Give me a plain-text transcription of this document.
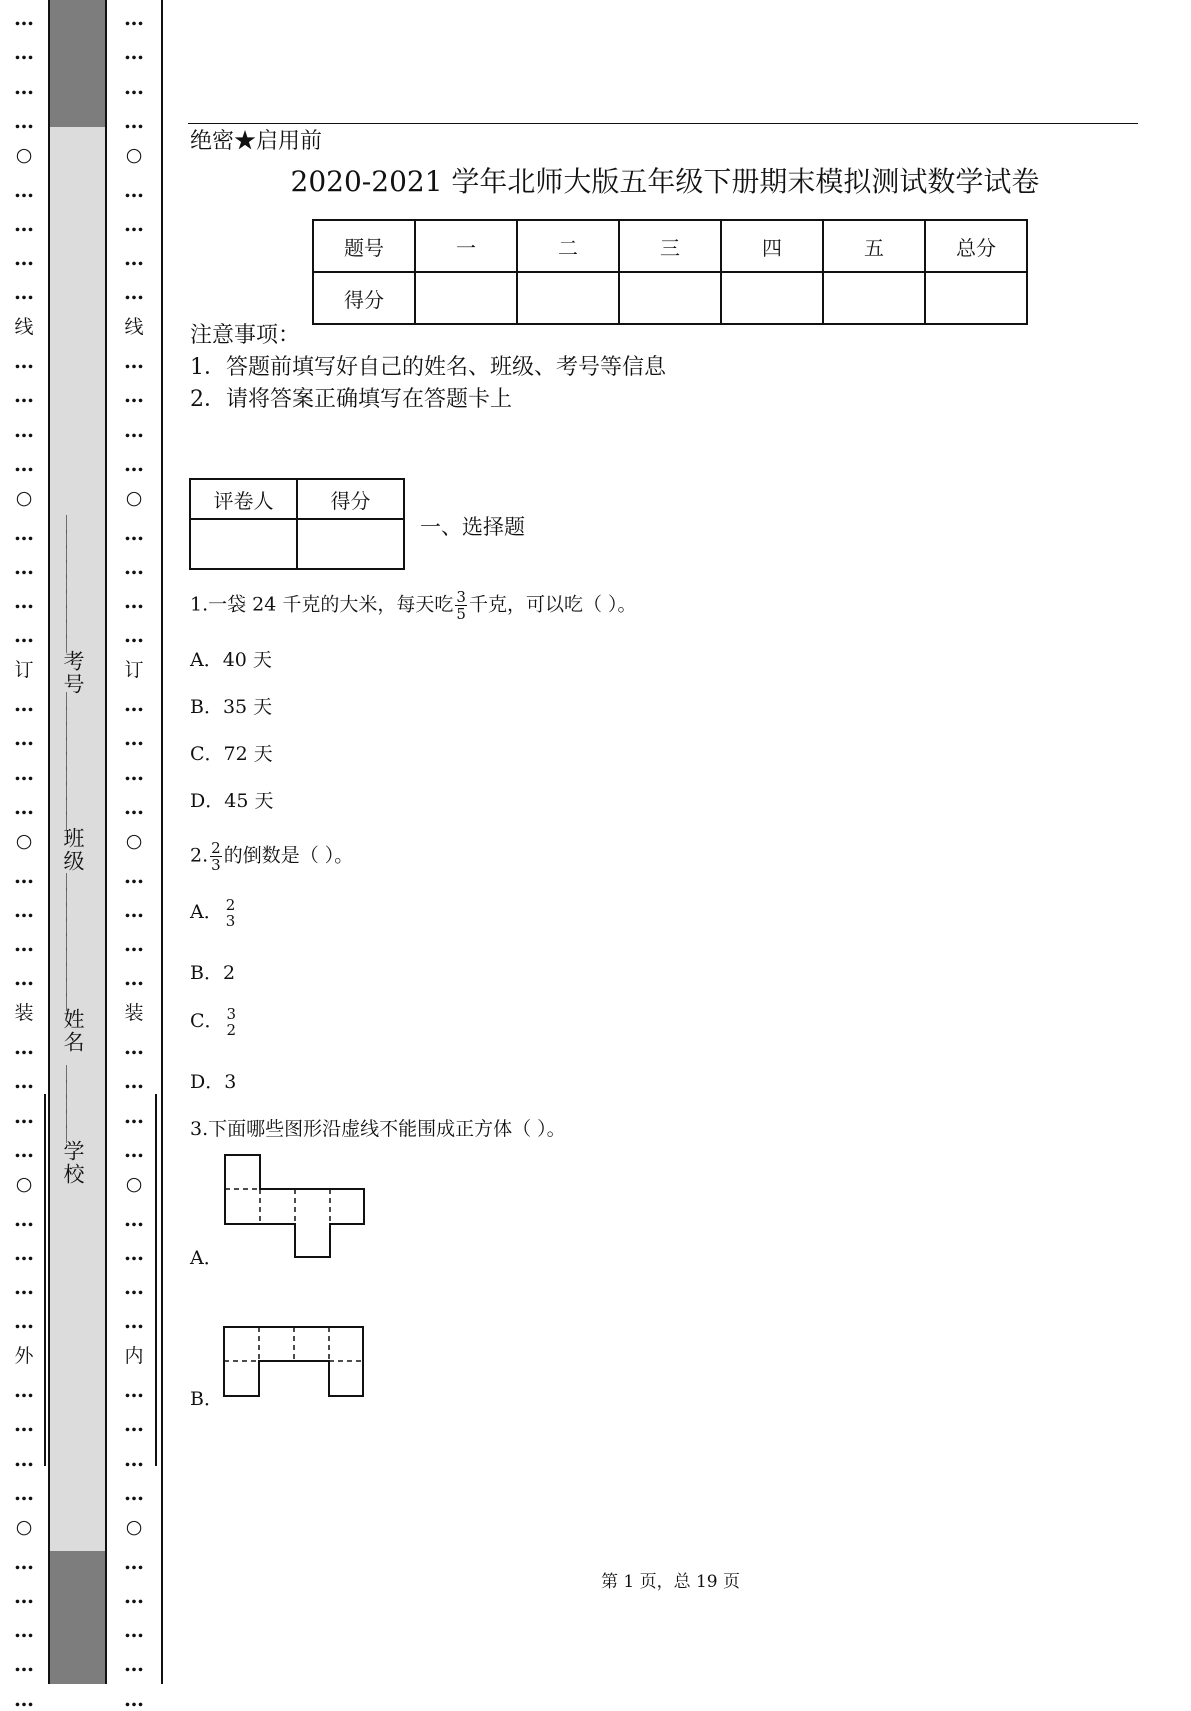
…
…
…
…
○
…
…
…
…
线
…
…
…
…
○
…
…
…
…
订
…
…
…
…
○
…
…
…
…
装
…
…
…
…
○
…
…
…
…
外
…
…
…
…
○
…
…
…
…
…
…
…
…
…
○
…
…
…
…
线
…
…
…
…
○
…
…
…
…
订
…
…
…
…
○
…
…
…
…
装
…
…
…
…
○
…
…
…
…
内
…
…
…
…
○
…
…
…
…
…
＿＿＿＿＿＿＿＿＿考号
＿＿＿＿＿＿＿＿＿班级
＿＿＿＿＿＿＿＿＿姓名
＿＿＿＿＿学校
绝密★启用前
2020-2021 学年北师大版五年级下册期末模拟测试数学试卷
题号	一	二	三	四	五	总分
得分						
注意事项：
1．答题前填写好自己的姓名、班级、考号等信息
2．请将答案正确填写在答题卡上
评卷人	得分

一、选择题
1.一袋 24 千克的大米，每天吃 $\frac{3}{5}$ 千克，可以吃（ ）。
A．40 天
B．35 天
C．72 天
D．45 天
2. $\frac{2}{3}$ 的倒数是（ ）。
A． 2
3
B．2
C． 3
2
D．3
3.下面哪些图形沿虚线不能围成正方体（ ）。
A．
B．
第 1 页，总 19 页
